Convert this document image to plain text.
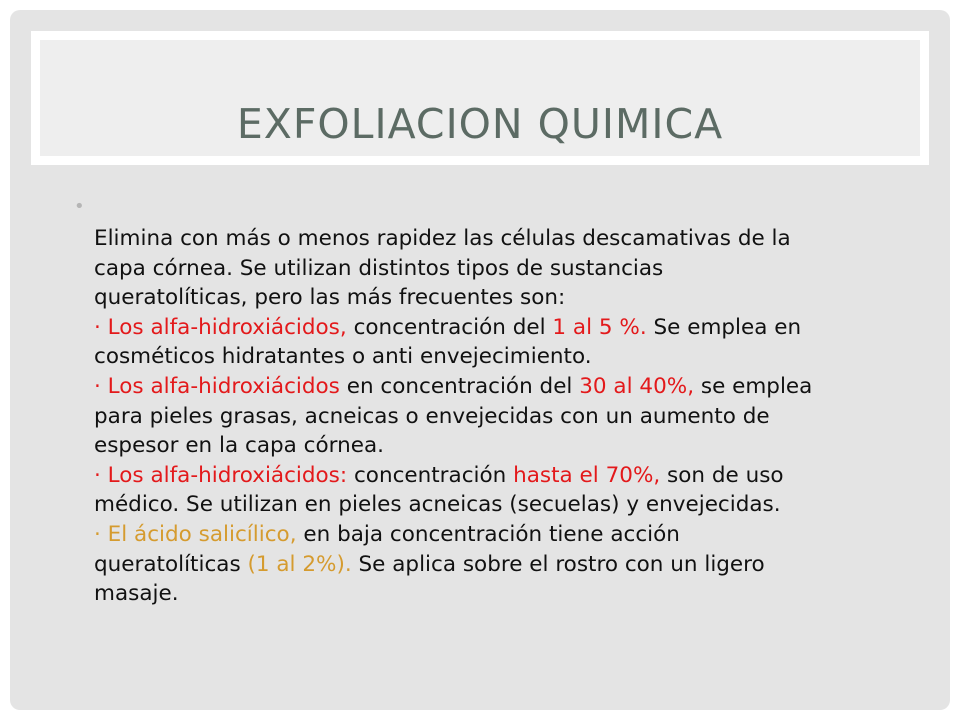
EXFOLIACION QUIMICA
•
Elimina con más o menos rapidez las células descamativas de la
capa córnea. Se utilizan distintos tipos de sustancias
queratolíticas, pero las más frecuentes son:
· Los alfa-hidroxiácidos, concentración del 1 al 5 %. Se emplea en
cosméticos hidratantes o anti envejecimiento.
· Los alfa-hidroxiácidos en concentración del 30 al 40%, se emplea
para pieles grasas, acneicas o envejecidas con un aumento de
espesor en la capa córnea.
· Los alfa-hidroxiácidos: concentración hasta el 70%, son de uso
médico. Se utilizan en pieles acneicas (secuelas) y envejecidas.
· El ácido salicílico, en baja concentración tiene acción
queratolíticas (1 al 2%). Se aplica sobre el rostro con un ligero
masaje.
